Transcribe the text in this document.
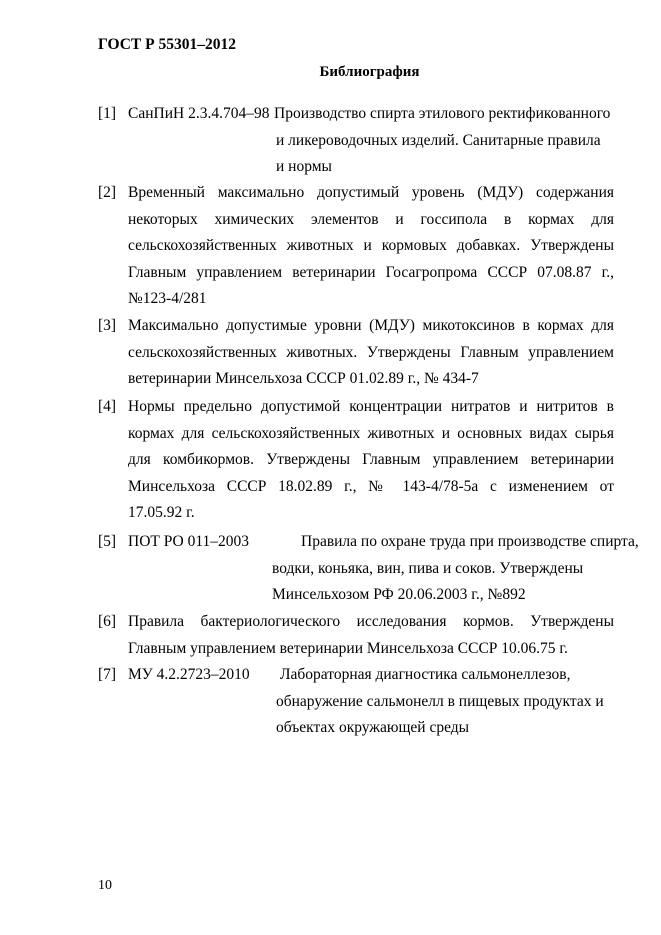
ГОСТ Р 55301–2012
Библиография
[1] СанПиН 2.3.4.704–98 Производство спирта этилового ректификованного
и ликероводочных изделий. Санитарные правила
и нормы
[2] Временный максимально допустимый уровень (МДУ) содержания
некоторых химических элементов и госсипола в кормах для
сельскохозяйственных животных и кормовых добавках. Утверждены
Главным управлением ветеринарии Госагропрома СССР 07.08.87 г.,
№123-4/281
[3] Максимально допустимые уровни (МДУ) микотоксинов в кормах для
сельскохозяйственных животных. Утверждены Главным управлением
ветеринарии Минсельхоза СССР 01.02.89 г., № 434-7
[4] Нормы предельно допустимой концентрации нитратов и нитритов в
кормах для сельскохозяйственных животных и основных видах сырья
для комбикормов. Утверждены Главным управлением ветеринарии
Минсельхоза СССР 18.02.89 г., № 143-4/78-5а с изменением от
17.05.92 г.
[5] ПОТ РО 011–2003	Правила по охране труда при производстве спирта,
водки, коньяка, вин, пива и соков. Утверждены
Минсельхозом РФ 20.06.2003 г., №892
[6] Правила бактериологического исследования кормов. Утверждены
Главным управлением ветеринарии Минсельхоза СССР 10.06.75 г.
[7] МУ 4.2.2723–2010 Лабораторная диагностика сальмонеллезов,
обнаружение сальмонелл в пищевых продуктах и
объектах окружающей среды
10
